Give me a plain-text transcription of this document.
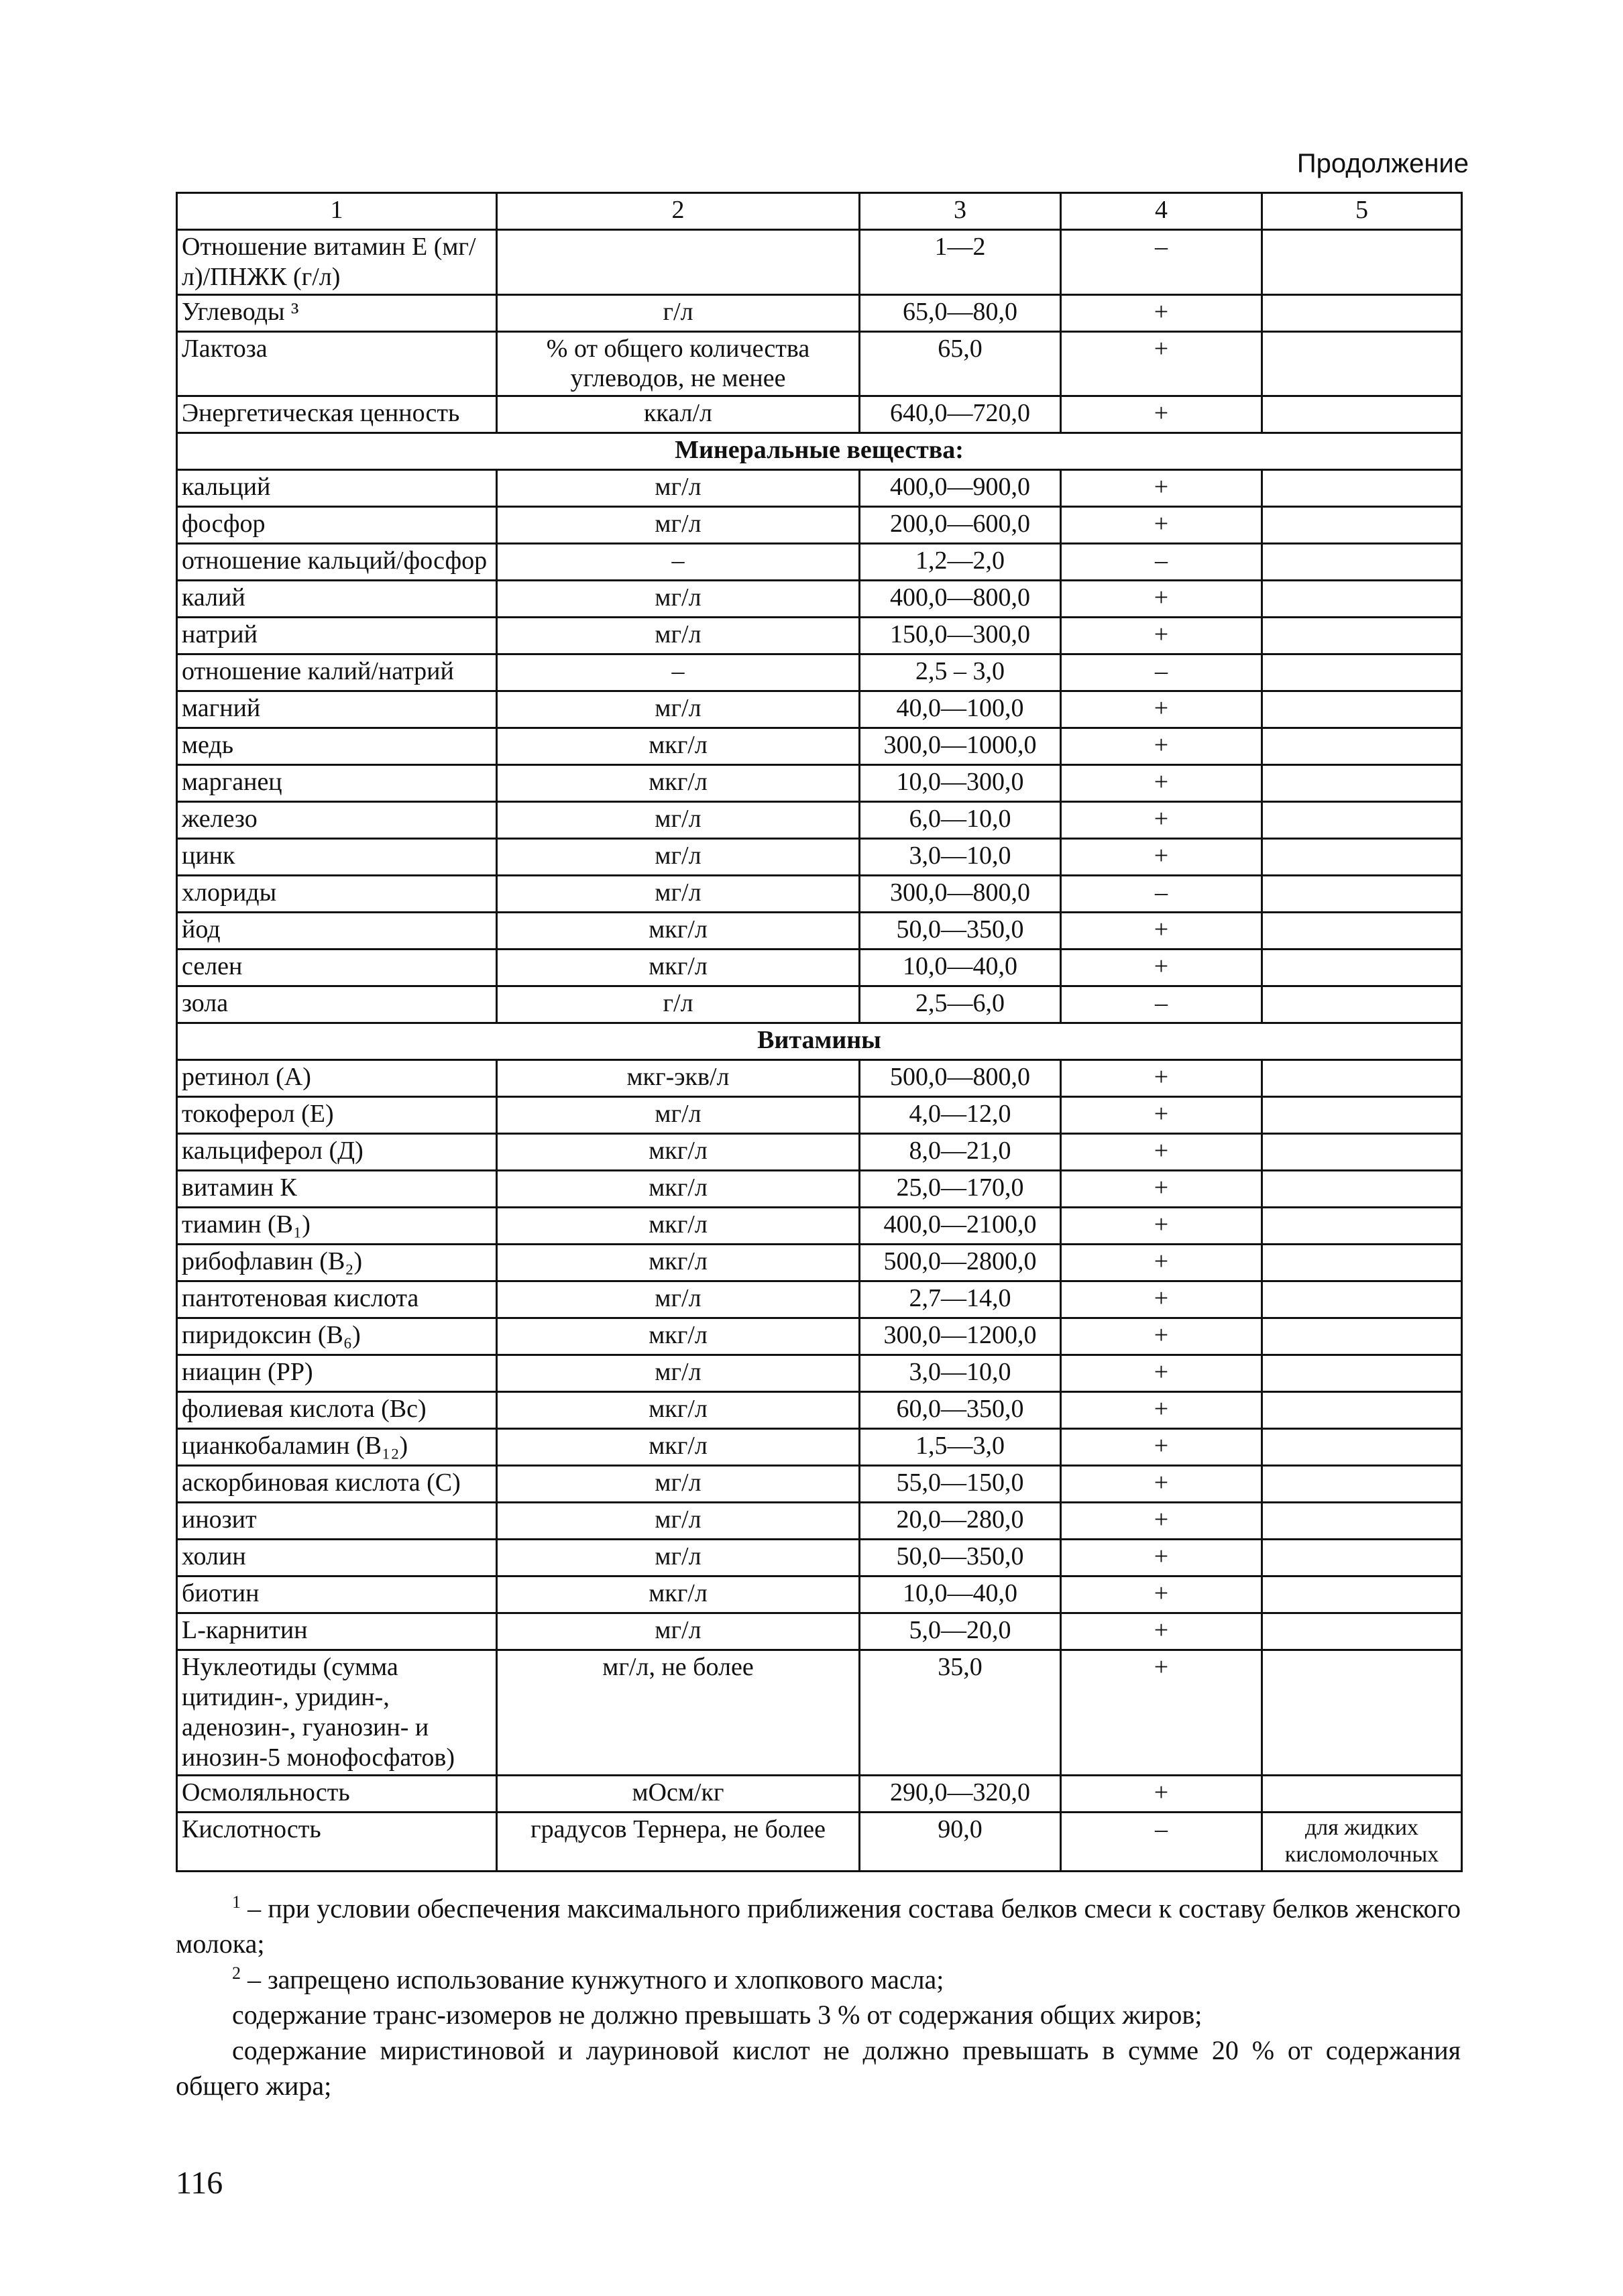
Продолжение
1	2	3	4	5
Отношение витамин Е (мг/л)/ПНЖК (г/л)		1—2	–	
Углеводы ³	г/л	65,0—80,0	+	
Лактоза	% от общего количества углеводов, не менее	65,0	+	
Энергетическая ценность	ккал/л	640,0—720,0	+	
Минеральные вещества:				
кальций	мг/л	400,0—900,0	+	
фосфор	мг/л	200,0—600,0	+	
отношение кальций/фосфор	–	1,2—2,0	–	
калий	мг/л	400,0—800,0	+	
натрий	мг/л	150,0—300,0	+	
отношение калий/натрий	–	2,5 – 3,0	–	
магний	мг/л	40,0—100,0	+	
медь	мкг/л	300,0—1000,0	+	
марганец	мкг/л	10,0—300,0	+	
железо	мг/л	6,0—10,0	+	
цинк	мг/л	3,0—10,0	+	
хлориды	мг/л	300,0—800,0	–	
йод	мкг/л	50,0—350,0	+	
селен	мкг/л	10,0—40,0	+	
зола	г/л	2,5—6,0	–	
Витамины				
ретинол (А)	мкг-экв/л	500,0—800,0	+	
токоферол (Е)	мг/л	4,0—12,0	+	
кальциферол (Д)	мкг/л	8,0—21,0	+	
витамин К	мкг/л	25,0—170,0	+	
тиамин (B₁)	мкг/л	400,0—2100,0	+	
рибофлавин (B₂)	мкг/л	500,0—2800,0	+	
пантотеновая кислота	мг/л	2,7—14,0	+	
пиридоксин (B₆)	мкг/л	300,0—1200,0	+	
ниацин (PP)	мг/л	3,0—10,0	+	
фолиевая кислота (Вс)	мкг/л	60,0—350,0	+	
цианкобаламин (B₁₂)	мкг/л	1,5—3,0	+	
аскорбиновая кислота (С)	мг/л	55,0—150,0	+	
инозит	мг/л	20,0—280,0	+	
холин	мг/л	50,0—350,0	+	
биотин	мкг/л	10,0—40,0	+	
L-карнитин	мг/л	5,0—20,0	+	
Нуклеотиды (сумма цитидин-, уридин-, аденозин-, гуанозин- и инозин-5 монофосфатов)	мг/л, не более	35,0	+	
Осмоляльность	мОсм/кг	290,0—320,0	+	
Кислотность	градусов Тернера, не более	90,0	–	для жидких кисломолочных

$^1$ – при условии обеспечения максимального приближения состава белков смеси к составу белков женского молока;

$^2$ – запрещено использование кунжутного и хлопкового масла;

содержание транс-изомеров не должно превышать 3 % от содержания общих жиров;

содержание миристиновой и лауриновой кислот не должно превышать в сумме 20 % от содержания общего жира;

116
